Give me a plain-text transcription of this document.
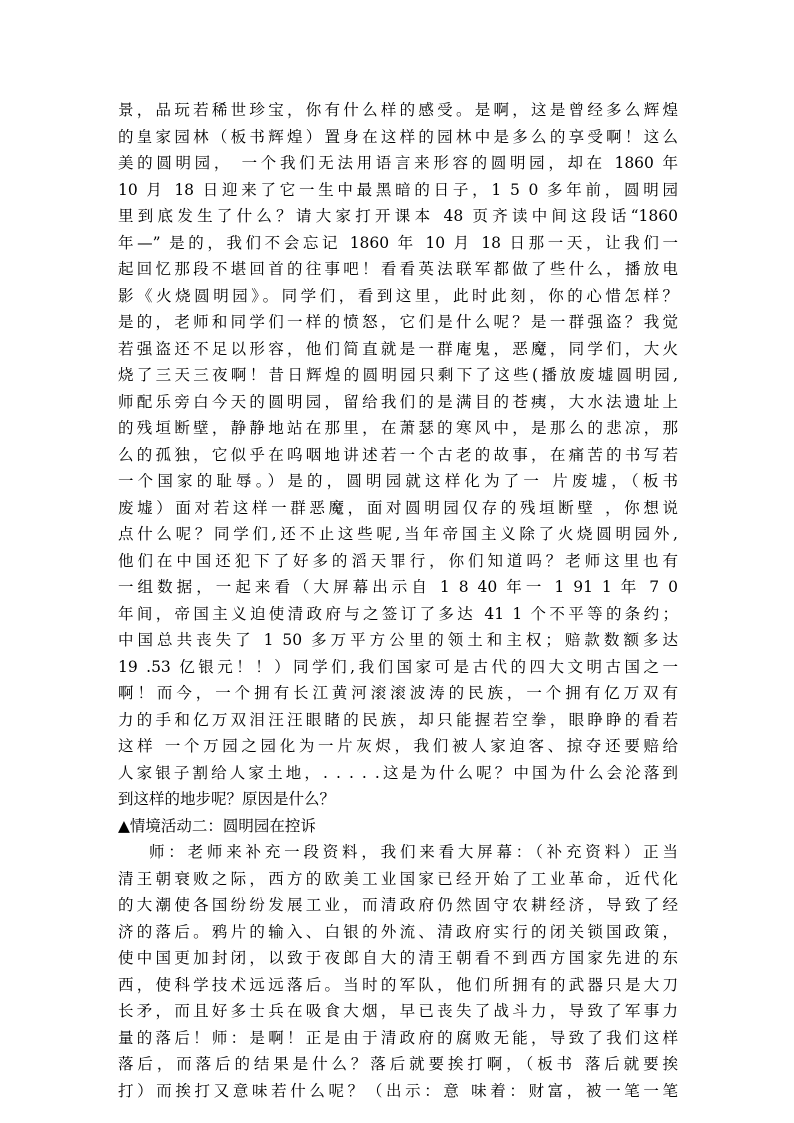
景，品玩若稀世珍宝，你有什么样的感受。是啊，这是曾经多么辉煌
的皇家园林（板书辉煌）置身在这样的园林中是多么的享受啊！这么
美的圆明园， 一个我们无法用语言来形容的圆明园，却在 1860 年
10 月 18 日迎来了它一生中最黑暗的日子，1 5 0 多年前，圆明园
里到底发生了什么？请大家打开课本 48 页齐读中间这段话“1860
年—” 是的，我们不会忘记 1860 年 10 月 18 日那一天，让我们一
起回忆那段不堪回首的往事吧！看看英法联军都做了些什么，播放电
影《火烧圆明园》。同学们，看到这里，此时此刻，你的心惜怎样？
是的，老师和同学们一样的愤怒，它们是什么呢？是一群强盗？我觉
若强盗还不足以形容，他们简直就是一群庵鬼，恶魔，同学们，大火
烧了三天三夜啊！昔日辉煌的圆明园只剩下了这些(播放废墟圆明园,
师配乐旁白今天的圆明园，留给我们的是满目的苍痍，大水法遗址上
的残垣断壁，静静地站在那里，在萧瑟的寒风中，是那么的悲凉，那
么的孤独，它似乎在呜咽地讲述若一个古老的故事，在痛苦的书写若
一个国家的耻辱。）是的，圆明园就这样化为了一 片废墟，（板书
废墟）面对若这样一群恶魔，面对圆明园仅存的残垣断壁 ，你想说
点什么呢？同学们,还不止这些呢,当年帝国主义除了火烧圆明园外,
他们在中国还犯下了好多的滔天罪行，你们知道吗？老师这里也有
一组数据，一起来看（大屏幕出示自 1 8 40 年一 1 91 1 年 7 0
年间，帝国主义迫使清政府与之签订了多达 41 1 个不平等的条约；
中国总共丧失了 1 50 多万平方公里的领土和主权；赔款数额多达
19 .53 亿银元！！）同学们,我们国家可是古代的四大文明古国之一
啊！而今，一个拥有长江黄河滚滚波涛的民族，一个拥有亿万双有
力的手和亿万双泪汪汪眼睹的民族，却只能握若空拳，眼睁睁的看若
这样 一个万园之园化为一片灰烬，我们被人家迫客、掠夺还要赔给
人家银子割给人家土地，. . . . .这是为什么呢？中国为什么会沦落到
到这样的地步呢？原因是什么？
▲情境活动二：圆明园在控诉
师：老师来补充一段资料，我们来看大屏幕：（补充资料）正当
清王朝衰败之际，西方的欧美工业国家已经开始了工业革命，近代化
的大潮使各国纷纷发展工业，而清政府仍然固守农耕经济，导致了经
济的落后。鸦片的输入、白银的外流、清政府实行的闭关锁国政策，
使中国更加封闭，以致于夜郎自大的清王朝看不到西方国家先进的东
西，使科学技术远远落后。当时的军队，他们所拥有的武器只是大刀
长矛，而且好多士兵在吸食大烟，早已丧失了战斗力，导致了军事力
量的落后！师：是啊！正是由于清政府的腐败无能，导致了我们这样
落后，而落后的结果是什么？落后就要挨打啊，（板书 落后就要挨
打）而挨打又意味若什么呢？（出示：意 味着：财富，被一笔一笔
